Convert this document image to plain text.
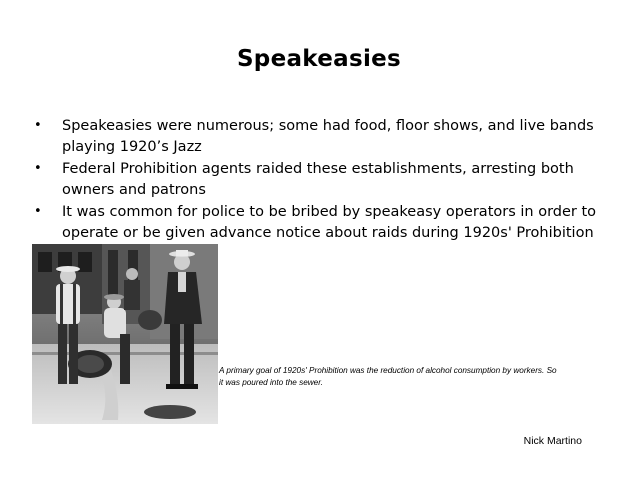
Speakeasies
• Speakeasies were numerous; some had food, floor shows, and live bands playing 1920’s Jazz
• Federal Prohibition agents raided these establishments, arresting both owners and patrons
• It was common for police to be bribed by speakeasy operators in order to operate or be given advance notice about raids during 1920s' Prohibition
A primary goal of 1920s' Prohibition was the reduction of alcohol consumption by workers. So it was poured into the sewer.
Nick Martino
